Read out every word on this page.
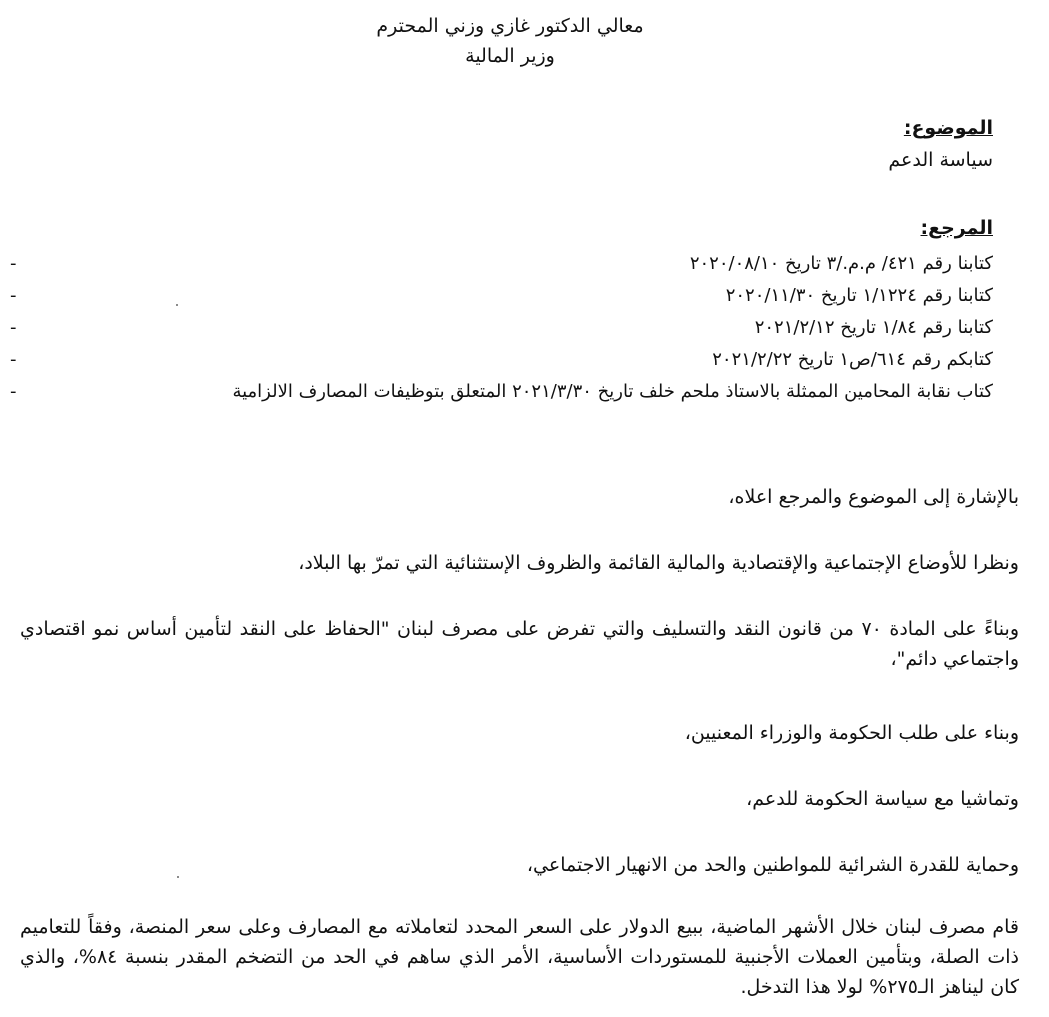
معالي الدكتور غازي وزني المحترم
وزير المالية
الموضوع:
سياسة الدعم
المرجع:
-	كتابنا رقم ٤٢١/ م.م./٣ تاريخ ٢٠٢٠/٠٨/١٠
-	كتابنا رقم ١/١٢٢٤ تاريخ ٢٠٢٠/١١/٣٠
-	كتابنا رقم ١/٨٤ تاريخ ٢٠٢١/٢/١٢
-	كتابكم رقم ٦١٤/ص١ تاريخ ٢٠٢١/٢/٢٢
-	كتاب نقابة المحامين الممثلة بالاستاذ ملحم خلف تاريخ ٢٠٢١/٣/٣٠ المتعلق بتوظيفات المصارف الالزامية
بالإشارة إلى الموضوع والمرجع اعلاه،
ونظرا للأوضاع الإجتماعية والإقتصادية والمالية القائمة والظروف الإستثنائية التي تمرّ بها البلاد،
وبناءً على المادة ٧٠ من قانون النقد والتسليف والتي تفرض على مصرف لبنان "الحفاظ على النقد لتأمين أساس نمو اقتصادي واجتماعي دائم"،
وبناء على طلب الحكومة والوزراء المعنيين،
وتماشيا مع سياسة الحكومة للدعم،
وحماية للقدرة الشرائية للمواطنين والحد من الانهيار الاجتماعي،
قام مصرف لبنان خلال الأشهر الماضية، ببيع الدولار على السعر المحدد لتعاملاته مع المصارف وعلى سعر المنصة، وفقاً للتعاميم ذات الصلة، وبتأمين العملات الأجنبية للمستوردات الأساسية، الأمر الذي ساهم في الحد من التضخم المقدر بنسبة ٨٤%، والذي كان ليناهز الـ٢٧٥% لولا هذا التدخل.
